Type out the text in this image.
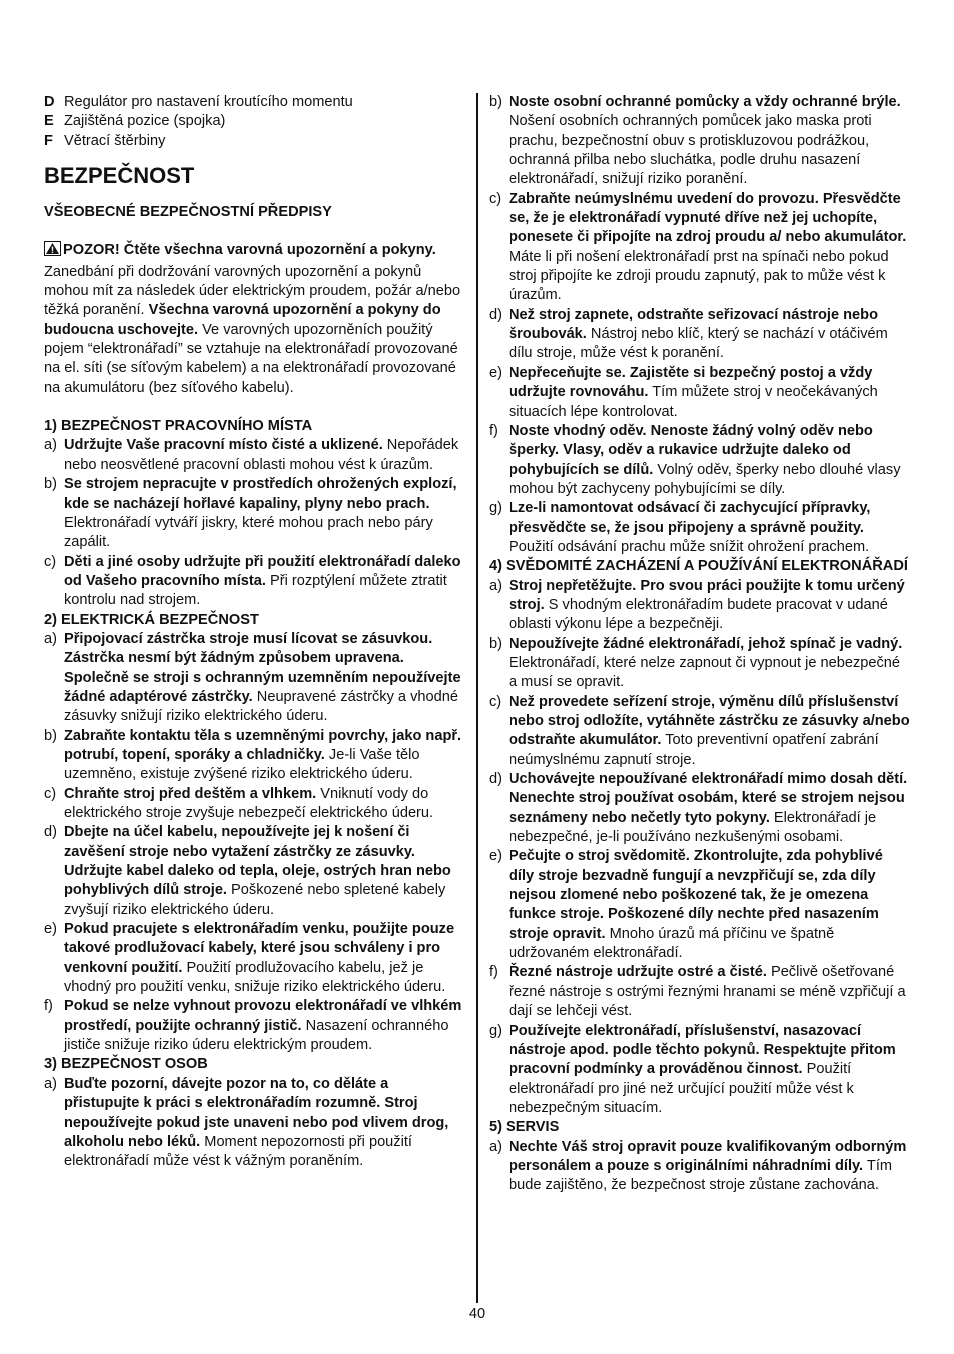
D Regulátor pro nastavení kroutícího momentu
E Zajištěná pozice (spojka)
F Větrací štěrbiny
BEZPEČNOST
VŠEOBECNÉ BEZPEČNOSTNÍ PŘEDPISY

POZOR! Čtěte všechna varovná upozornění a pokyny. Zanedbání při dodržování varovných upozornění a pokynů mohou mít za následek úder elektrickým proudem, požár a/nebo těžká poranění. Všechna varovná upozornění a pokyny do budoucna uschovejte. Ve varovných upozorněních použitý pojem “elektronářadí” se vztahuje na elektronářadí provozované na el. síti (se síťovým kabelem) a na elektronářadí provozované na akumulátoru (bez síťového kabelu).

1) BEZPEČNOST PRACOVNÍHO MÍSTA
a) Udržujte Vaše pracovní místo čisté a uklizené. Nepořádek nebo neosvětlené pracovní oblasti mohou vést k úrazům.
b) Se strojem nepracujte v prostředích ohrožených explozí, kde se nacházejí hořlavé kapaliny, plyny nebo prach. Elektronářadí vytváří jiskry, které mohou prach nebo páry zapálit.
c) Děti a jiné osoby udržujte při použití elektronářadí daleko od Vašeho pracovního místa. Při rozptýlení můžete ztratit kontrolu nad strojem.
2) ELEKTRICKÁ BEZPEČNOST
a) Připojovací zástrčka stroje musí lícovat se zásuvkou. Zástrčka nesmí být žádným způsobem upravena. Společně se stroji s ochranným uzemněním nepoužívejte žádné adaptérové zástrčky. Neupravené zástrčky a vhodné zásuvky snižují riziko elektrického úderu.
b) Zabraňte kontaktu těla s uzemněnými povrchy, jako např. potrubí, topení, sporáky a chladničky. Je-li Vaše tělo uzemněno, existuje zvýšené riziko elektrického úderu.
c) Chraňte stroj před deštěm a vlhkem. Vniknutí vody do elektrického stroje zvyšuje nebezpečí elektrického úderu.
d) Dbejte na účel kabelu, nepoužívejte jej k nošení či zavěšení stroje nebo vytažení zástrčky ze zásuvky. Udržujte kabel daleko od tepla, oleje, ostrých hran nebo pohyblivých dílů stroje. Poškozené nebo spletené kabely zvyšují riziko elektrického úderu.
e) Pokud pracujete s elektronářadím venku, použijte pouze takové prodlužovací kabely, které jsou schváleny i pro venkovní použití. Použití prodlužovacího kabelu, jež je vhodný pro použití venku, snižuje riziko elektrického úderu.
f) Pokud se nelze vyhnout provozu elektronářadí ve vlhkém prostředí, použijte ochranný jistič. Nasazení ochranného jističe snižuje riziko úderu elektrickým proudem.
3) BEZPEČNOST OSOB
a) Buďte pozorní, dávejte pozor na to, co děláte a přistupujte k práci s elektronářadím rozumně. Stroj nepoužívejte pokud jste unaveni nebo pod vlivem drog, alkoholu nebo léků. Moment nepozornosti při použití elektronářadí může vést k vážným poraněním.
b) Noste osobní ochranné pomůcky a vždy ochranné brýle. Nošení osobních ochranných pomůcek jako maska proti prachu, bezpečnostní obuv s protiskluzovou podrážkou, ochranná přilba nebo sluchátka, podle druhu nasazení elektronářadí, snižují riziko poranění.
c) Zabraňte neúmyslnému uvedení do provozu. Přesvědčte se, že je elektronářadí vypnuté dříve než jej uchopíte, ponesete či připojíte na zdroj proudu a/ nebo akumulátor. Máte li při nošení elektronářadí prst na spínači nebo pokud stroj připojíte ke zdroji proudu zapnutý, pak to může vést k úrazům.
d) Než stroj zapnete, odstraňte seřizovací nástroje nebo šroubovák. Nástroj nebo klíč, který se nachází v otáčivém dílu stroje, může vést k poranění.
e) Nepřeceňujte se. Zajistěte si bezpečný postoj a vždy udržujte rovnováhu. Tím můžete stroj v neočekávaných situacích lépe kontrolovat.
f) Noste vhodný oděv. Nenoste žádný volný oděv nebo šperky. Vlasy, oděv a rukavice udržujte daleko od pohybujících se dílů. Volný oděv, šperky nebo dlouhé vlasy mohou být zachyceny pohybujícími se díly.
g) Lze-li namontovat odsávací či zachycující přípravky, přesvědčte se, že jsou připojeny a správně použity. Použití odsávání prachu může snížit ohrožení prachem.
4) SVĚDOMITÉ ZACHÁZENÍ A POUŽÍVÁNÍ ELEKTRONÁŘADÍ
a) Stroj nepřetěžujte. Pro svou práci použijte k tomu určený stroj. S vhodným elektronářadím budete pracovat v udané oblasti výkonu lépe a bezpečněji.
b) Nepoužívejte žádné elektronářadí, jehož spínač je vadný. Elektronářadí, které nelze zapnout či vypnout je nebezpečné a musí se opravit.
c) Než provedete seřízení stroje, výměnu dílů příslušenství nebo stroj odložíte, vytáhněte zástrčku ze zásuvky a/nebo odstraňte akumulátor. Toto preventivní opatření zabrání neúmyslnému zapnutí stroje.
d) Uchovávejte nepoužívané elektronářadí mimo dosah dětí. Nenechte stroj používat osobám, které se strojem nejsou seznámeny nebo nečetly tyto pokyny. Elektronářadí je nebezpečné, je-li používáno nezkušenými osobami.
e) Pečujte o stroj svědomitě. Zkontrolujte, zda pohyblivé díly stroje bezvadně fungují a nevzpřičují se, zda díly nejsou zlomené nebo poškozené tak, že je omezena funkce stroje. Poškozené díly nechte před nasazením stroje opravit. Mnoho úrazů má příčinu ve špatně udržovaném elektronářadí.
f) Řezné nástroje udržujte ostré a čisté. Pečlivě ošetřované řezné nástroje s ostrými řeznými hranami se méně vzpřičují a dají se lehčeji vést.
g) Používejte elektronářadí, příslušenství, nasazovací nástroje apod. podle těchto pokynů. Respektujte přitom pracovní podmínky a prováděnou činnost. Použití elektronářadí pro jiné než určující použití může vést k nebezpečným situacím.
5) SERVIS
a) Nechte Váš stroj opravit pouze kvalifikovaným odborným personálem a pouze s originálními náhradními díly. Tím bude zajištěno, že bezpečnost stroje zůstane zachována.
40
